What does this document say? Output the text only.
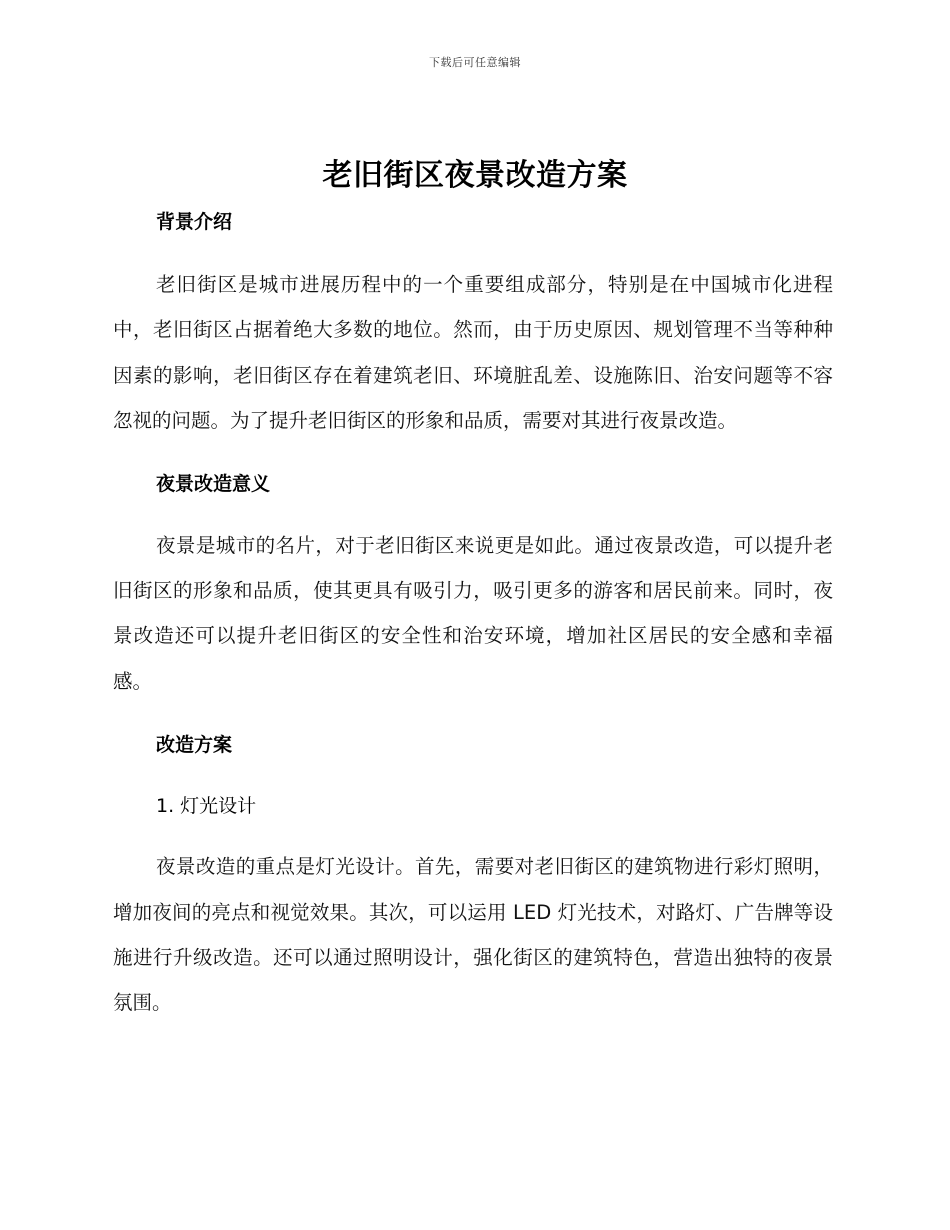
下载后可任意编辑
老旧街区夜景改造方案
背景介绍

老旧街区是城市进展历程中的一个重要组成部分，特别是在中国城市化进程中，老旧街区占据着绝大多数的地位。然而，由于历史原因、规划管理不当等种种因素的影响，老旧街区存在着建筑老旧、环境脏乱差、设施陈旧、治安问题等不容忽视的问题。为了提升老旧街区的形象和品质，需要对其进行夜景改造。

夜景改造意义

夜景是城市的名片，对于老旧街区来说更是如此。通过夜景改造，可以提升老旧街区的形象和品质，使其更具有吸引力，吸引更多的游客和居民前来。同时，夜景改造还可以提升老旧街区的安全性和治安环境，增加社区居民的安全感和幸福感。

改造方案
1. 灯光设计

夜景改造的重点是灯光设计。首先，需要对老旧街区的建筑物进行彩灯照明，增加夜间的亮点和视觉效果。其次，可以运用 LED 灯光技术，对路灯、广告牌等设施进行升级改造。还可以通过照明设计，强化街区的建筑特色，营造出独特的夜景氛围。
